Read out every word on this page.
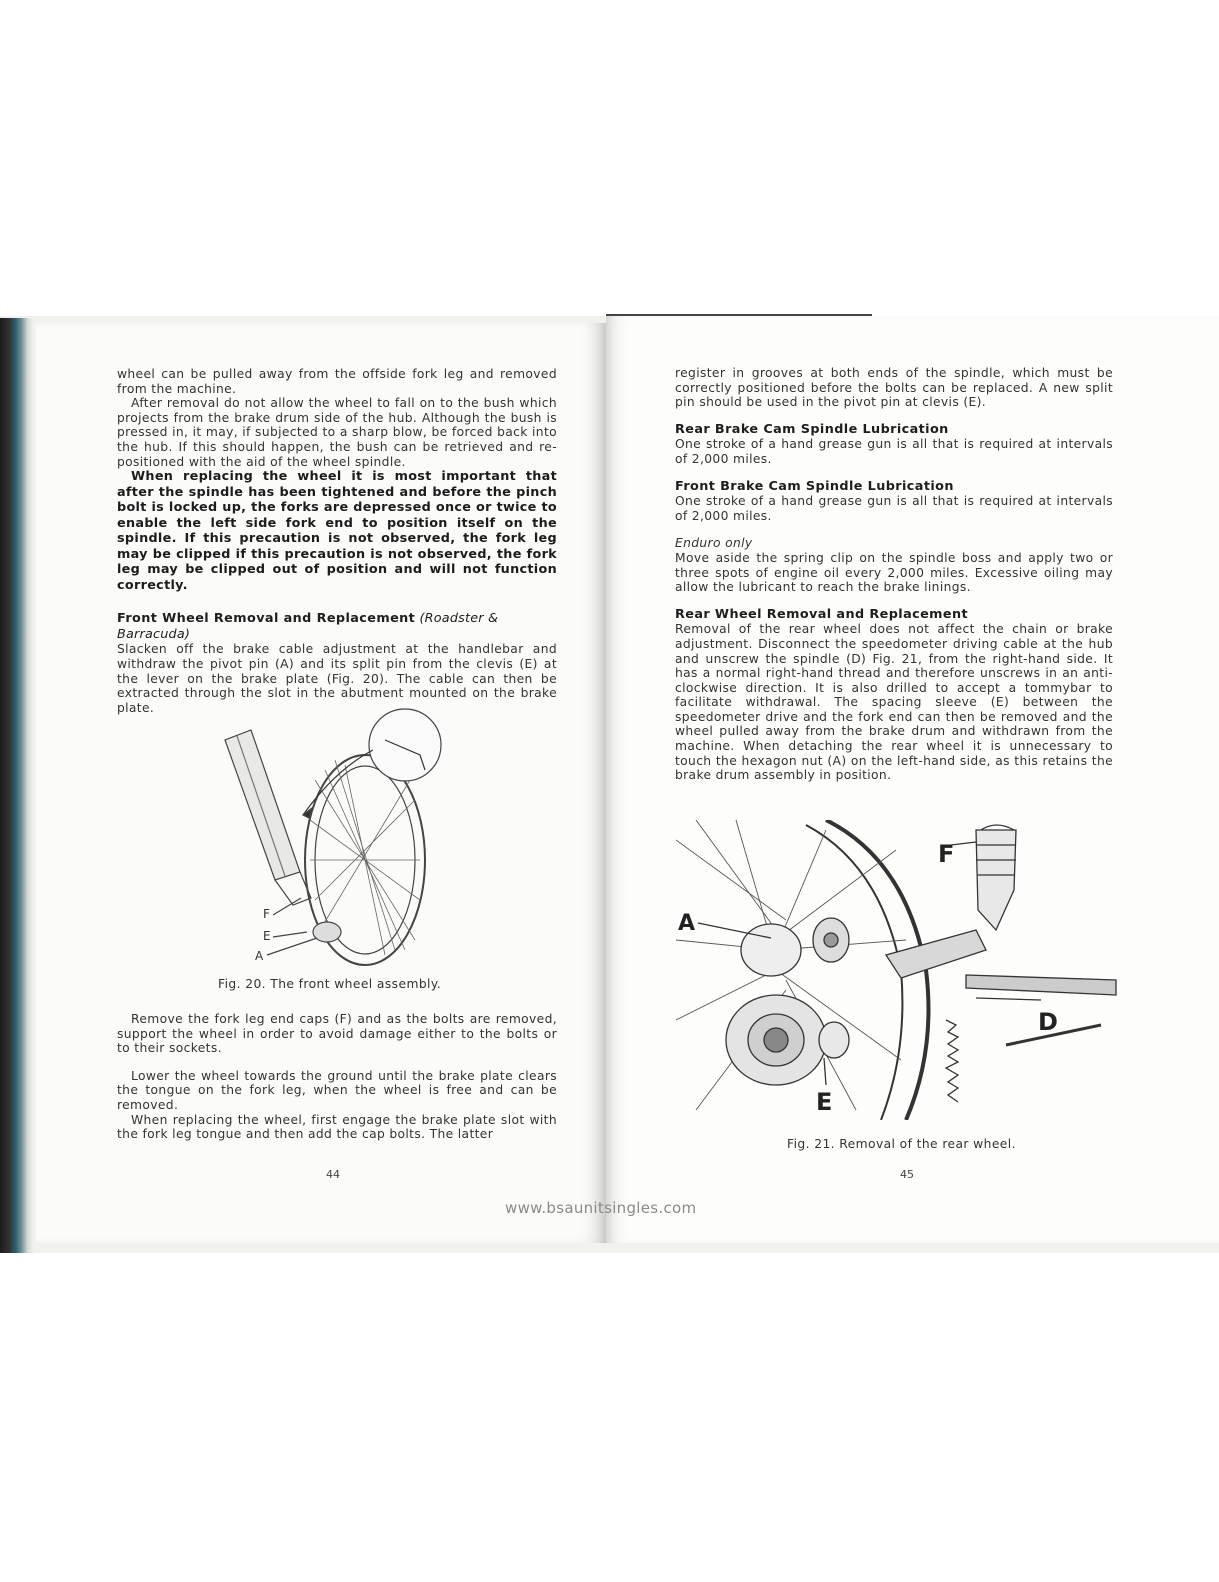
wheel can be pulled away from the offside fork leg and removed from the machine.

After removal do not allow the wheel to fall on to the bush which projects from the brake drum side of the hub. Although the bush is pressed in, it may, if subjected to a sharp blow, be forced back into the hub. If this should happen, the bush can be retrieved and re-positioned with the aid of the wheel spindle.

When replacing the wheel it is most important that after the spindle has been tightened and before the pinch bolt is locked up, the forks are depressed once or twice to enable the left side fork end to position itself on the spindle. If this precaution is not observed, the fork leg may be clipped if this precaution is not observed, the fork leg may be clipped out of position and will not function correctly.
Front Wheel Removal and Replacement (Roadster & Barracuda)

Slacken off the brake cable adjustment at the handlebar and withdraw the pivot pin (A) and its split pin from the clevis (E) at the lever on the brake plate (Fig. 20). The cable can then be extracted through the slot in the abutment mounted on the brake plate.

F
E
A
Fig. 20. The front wheel assembly.

Remove the fork leg end caps (F) and as the bolts are removed, support the wheel in order to avoid damage either to the bolts or to their sockets.

Lower the wheel towards the ground until the brake plate clears the tongue on the fork leg, when the wheel is free and can be removed.

When replacing the wheel, first engage the brake plate slot with the fork leg tongue and then add the cap bolts. The latter

44

register in grooves at both ends of the spindle, which must be correctly positioned before the bolts can be replaced. A new split pin should be used in the pivot pin at clevis (E).

Rear Brake Cam Spindle Lubrication

One stroke of a hand grease gun is all that is required at intervals of 2,000 miles.

Front Brake Cam Spindle Lubrication

One stroke of a hand grease gun is all that is required at intervals of 2,000 miles.

Enduro only

Move aside the spring clip on the spindle boss and apply two or three spots of engine oil every 2,000 miles. Excessive oiling may allow the lubricant to reach the brake linings.

Rear Wheel Removal and Replacement

Removal of the rear wheel does not affect the chain or brake adjustment. Disconnect the speedometer driving cable at the hub and unscrew the spindle (D) Fig. 21, from the right-hand side. It has a normal right-hand thread and therefore unscrews in an anti-clockwise direction. It is also drilled to accept a tommybar to facilitate withdrawal. The spacing sleeve (E) between the speedometer drive and the fork end can then be removed and the wheel pulled away from the brake drum and withdrawn from the machine. When detaching the rear wheel it is unnecessary to touch the hexagon nut (A) on the left-hand side, as this retains the brake drum assembly in position.

A
F
D
E
Fig. 21. Removal of the rear wheel.
45
www.bsaunitsingles.com
